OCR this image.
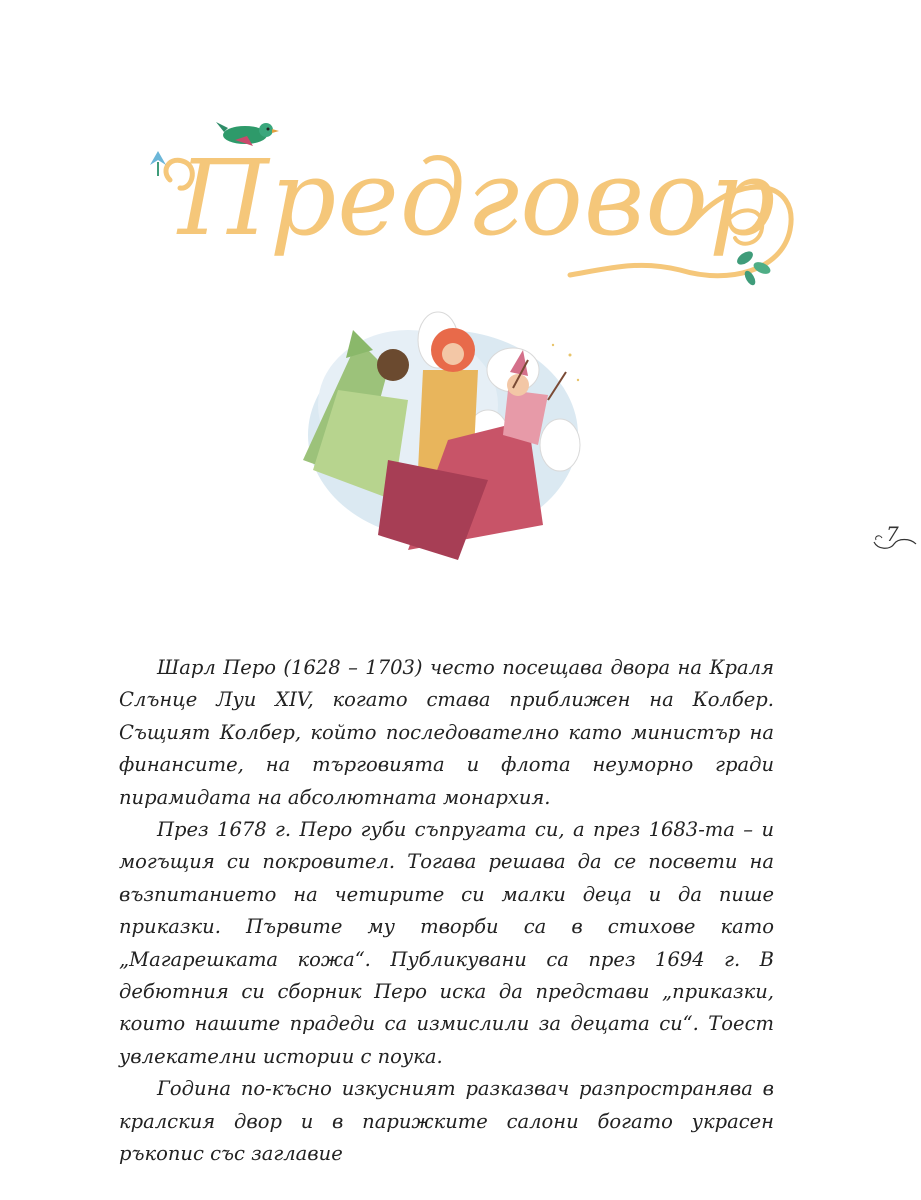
Предговор
7

Шарл Перо (1628 – 1703) често посещава двора на Краля Слънце Луи XIV, когато става приближен на Колбер. Същият Колбер, който последователно като министър на финансите, на търговията и флота неуморно гради пирамидата на абсолютната монархия.

През 1678 г. Перо губи съпругата си, а през 1683-та – и могъщия си покровител. Тогава решава да се посвети на възпитанието на четирите си малки деца и да пише приказки. Първите му творби са в стихове като „Магарешката кожа“. Публикувани са през 1694 г. В дебютния си сборник Перо иска да представи „приказки, които нашите прадеди са измислили за децата си“. Тоест увлекателни истории с поука.

Година по-късно изкусният разказвач разпространява в кралския двор и в парижките салони богато украсен ръкопис със заглавие
